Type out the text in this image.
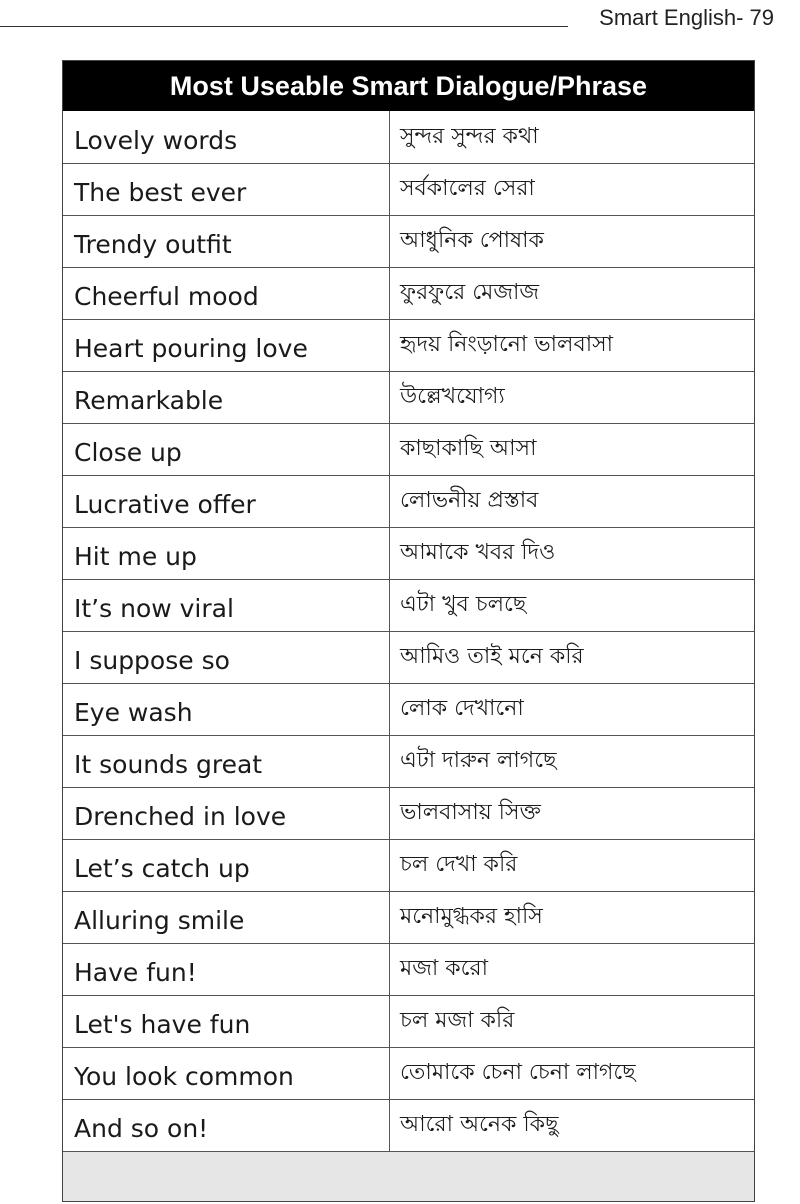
Smart English- 79
Most Useable Smart Dialogue/Phrase
Lovely words	সুন্দর সুন্দর কথা
The best ever	সর্বকালের সেরা
Trendy outfit	আধুনিক পোষাক
Cheerful mood	ফুরফুরে মেজাজ
Heart pouring love	হৃদয় নিংড়ানো ভালবাসা
Remarkable	উল্লেখযোগ্য
Close up	কাছাকাছি আসা
Lucrative offer	লোভনীয় প্রস্তাব
Hit me up	আমাকে খবর দিও
It’s now viral	এটা খুব চলছে
I suppose so	আমিও তাই মনে করি
Eye wash	লোক দেখানো
It sounds great	এটা দারুন লাগছে
Drenched in love	ভালবাসায় সিক্ত
Let’s catch up	চল দেখা করি
Alluring smile	মনোমুগ্ধকর হাসি
Have fun!	মজা করো
Let's have fun	চল মজা করি
You look common	তোমাকে চেনা চেনা লাগছে
And so on!	আরো অনেক কিছু
